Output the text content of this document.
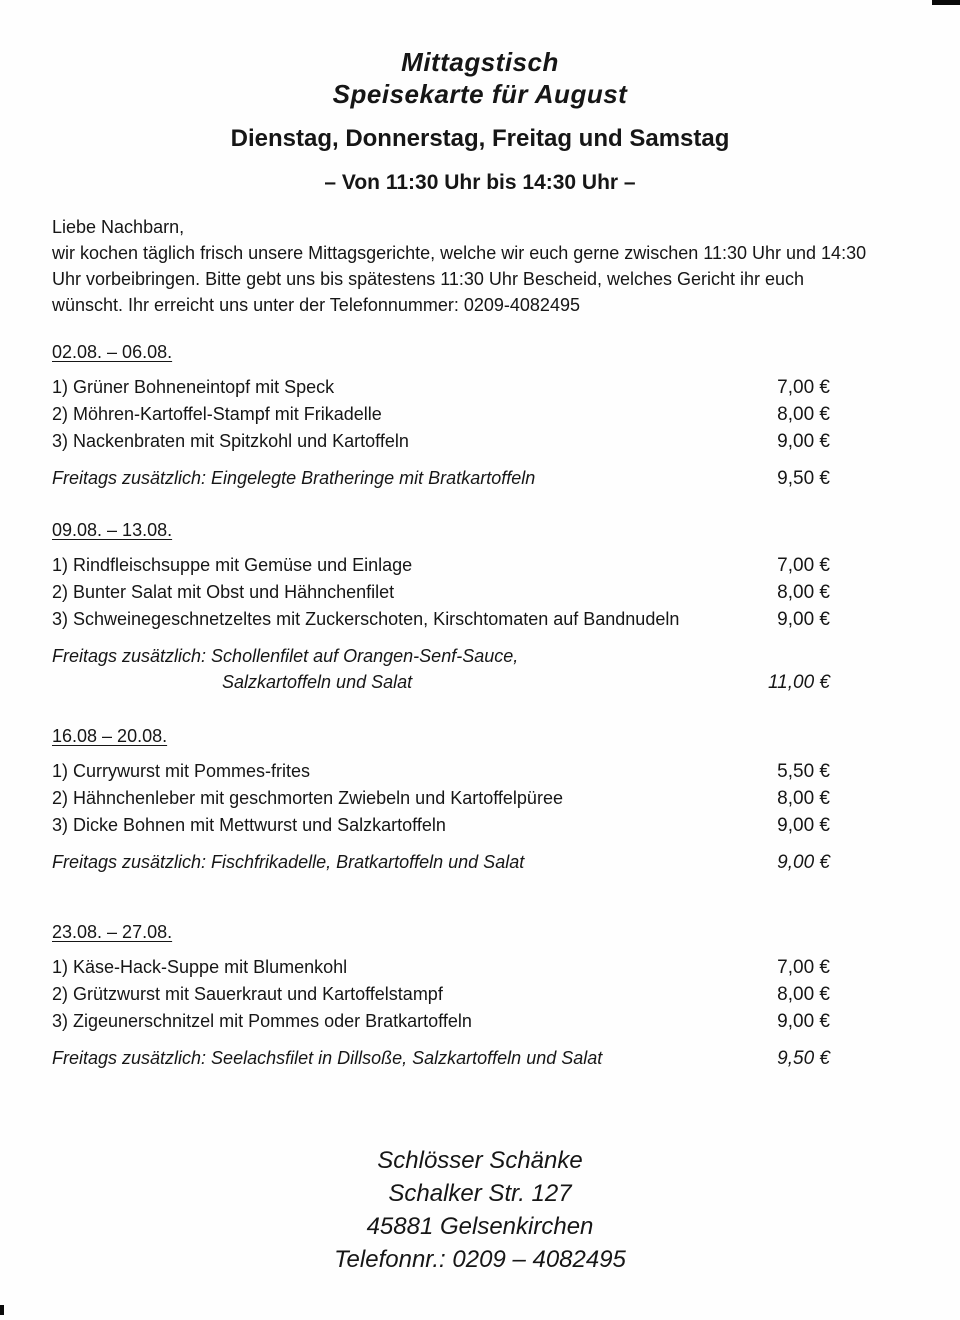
Mittagstisch
Speisekarte für August
Dienstag, Donnerstag, Freitag und Samstag
– Von 11:30 Uhr bis 14:30 Uhr –
Liebe Nachbarn,
wir kochen täglich frisch unsere Mittagsgerichte, welche wir euch gerne zwischen 11:30 Uhr und 14:30 Uhr vorbeibringen. Bitte gebt uns bis spätestens 11:30 Uhr Bescheid, welches Gericht ihr euch wünscht. Ihr erreicht uns unter der Telefonnummer: 0209-4082495
02.08. – 06.08.
1) Grüner Bohneneintopf mit Speck	7,00 €
2) Möhren-Kartoffel-Stampf mit Frikadelle	8,00 €
3) Nackenbraten mit Spitzkohl und Kartoffeln	9,00 €
Freitags zusätzlich: Eingelegte Bratheringe mit Bratkartoffeln	9,50 €
09.08. – 13.08.
1) Rindfleischsuppe mit Gemüse und Einlage	7,00 €
2) Bunter Salat mit Obst und Hähnchenfilet	8,00 €
3) Schweinegeschnetzeltes mit Zuckerschoten, Kirschtomaten auf Bandnudeln	9,00 €
Freitags zusätzlich: Schollenfilet auf Orangen-Senf-Sauce,
Salzkartoffeln und Salat	11,00 €
16.08 – 20.08.
1) Currywurst mit Pommes-frites	5,50 €
2) Hähnchenleber mit geschmorten Zwiebeln und Kartoffelpüree	8,00 €
3) Dicke Bohnen mit Mettwurst und Salzkartoffeln	9,00 €
Freitags zusätzlich: Fischfrikadelle, Bratkartoffeln und Salat	9,00 €
23.08. – 27.08.
1) Käse-Hack-Suppe mit Blumenkohl	7,00 €
2) Grützwurst mit Sauerkraut und Kartoffelstampf	8,00 €
3) Zigeunerschnitzel mit Pommes oder Bratkartoffeln	9,00 €
Freitags zusätzlich: Seelachsfilet in Dillsoße, Salzkartoffeln und Salat	9,50 €
Schlösser Schänke
Schalker Str. 127
45881 Gelsenkirchen
Telefonnr.: 0209 – 4082495
